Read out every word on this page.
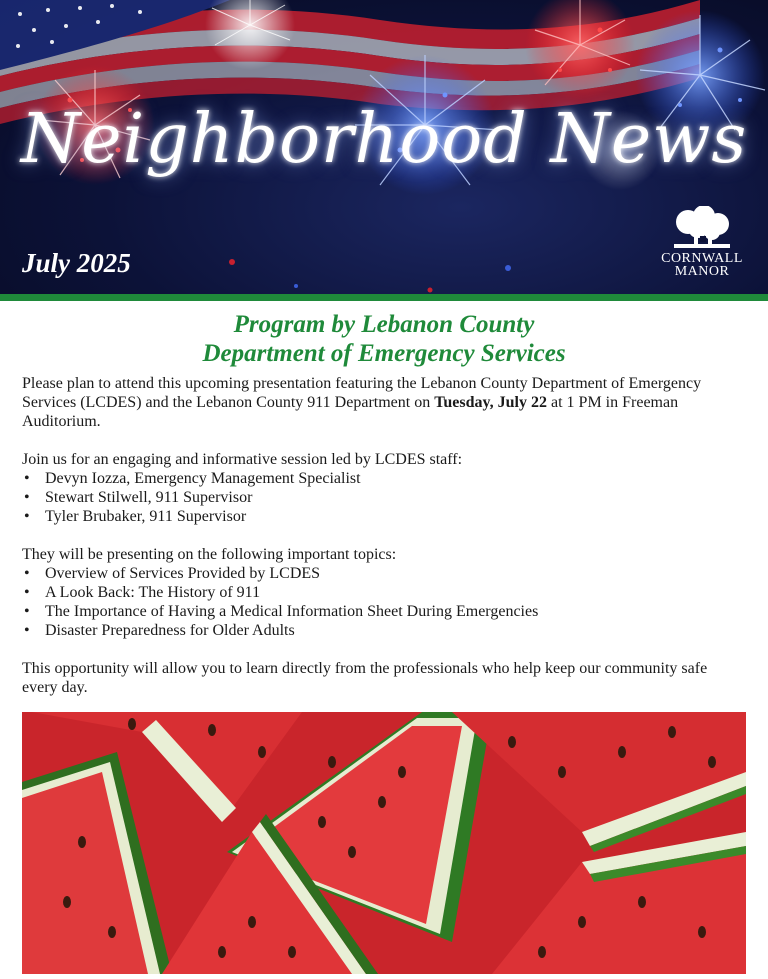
Neighborhood News
July 2025	CORNWALL MANOR
Program by Lebanon County
Department of Emergency Services

Please plan to attend this upcoming presentation featuring the Lebanon County Department of Emergency Services (LCDES) and the Lebanon County 911 Department on Tuesday, July 22 at 1 PM in Freeman Auditorium.

Join us for an engaging and informative session led by LCDES staff:

• Devyn Iozza, Emergency Management Specialist
• Stewart Stilwell, 911 Supervisor
• Tyler Brubaker, 911 Supervisor

They will be presenting on the following important topics:

• Overview of Services Provided by LCDES
• A Look Back: The History of 911
• The Importance of Having a Medical Information Sheet During Emergencies
• Disaster Preparedness for Older Adults

This opportunity will allow you to learn directly from the professionals who help keep our community safe every day.
